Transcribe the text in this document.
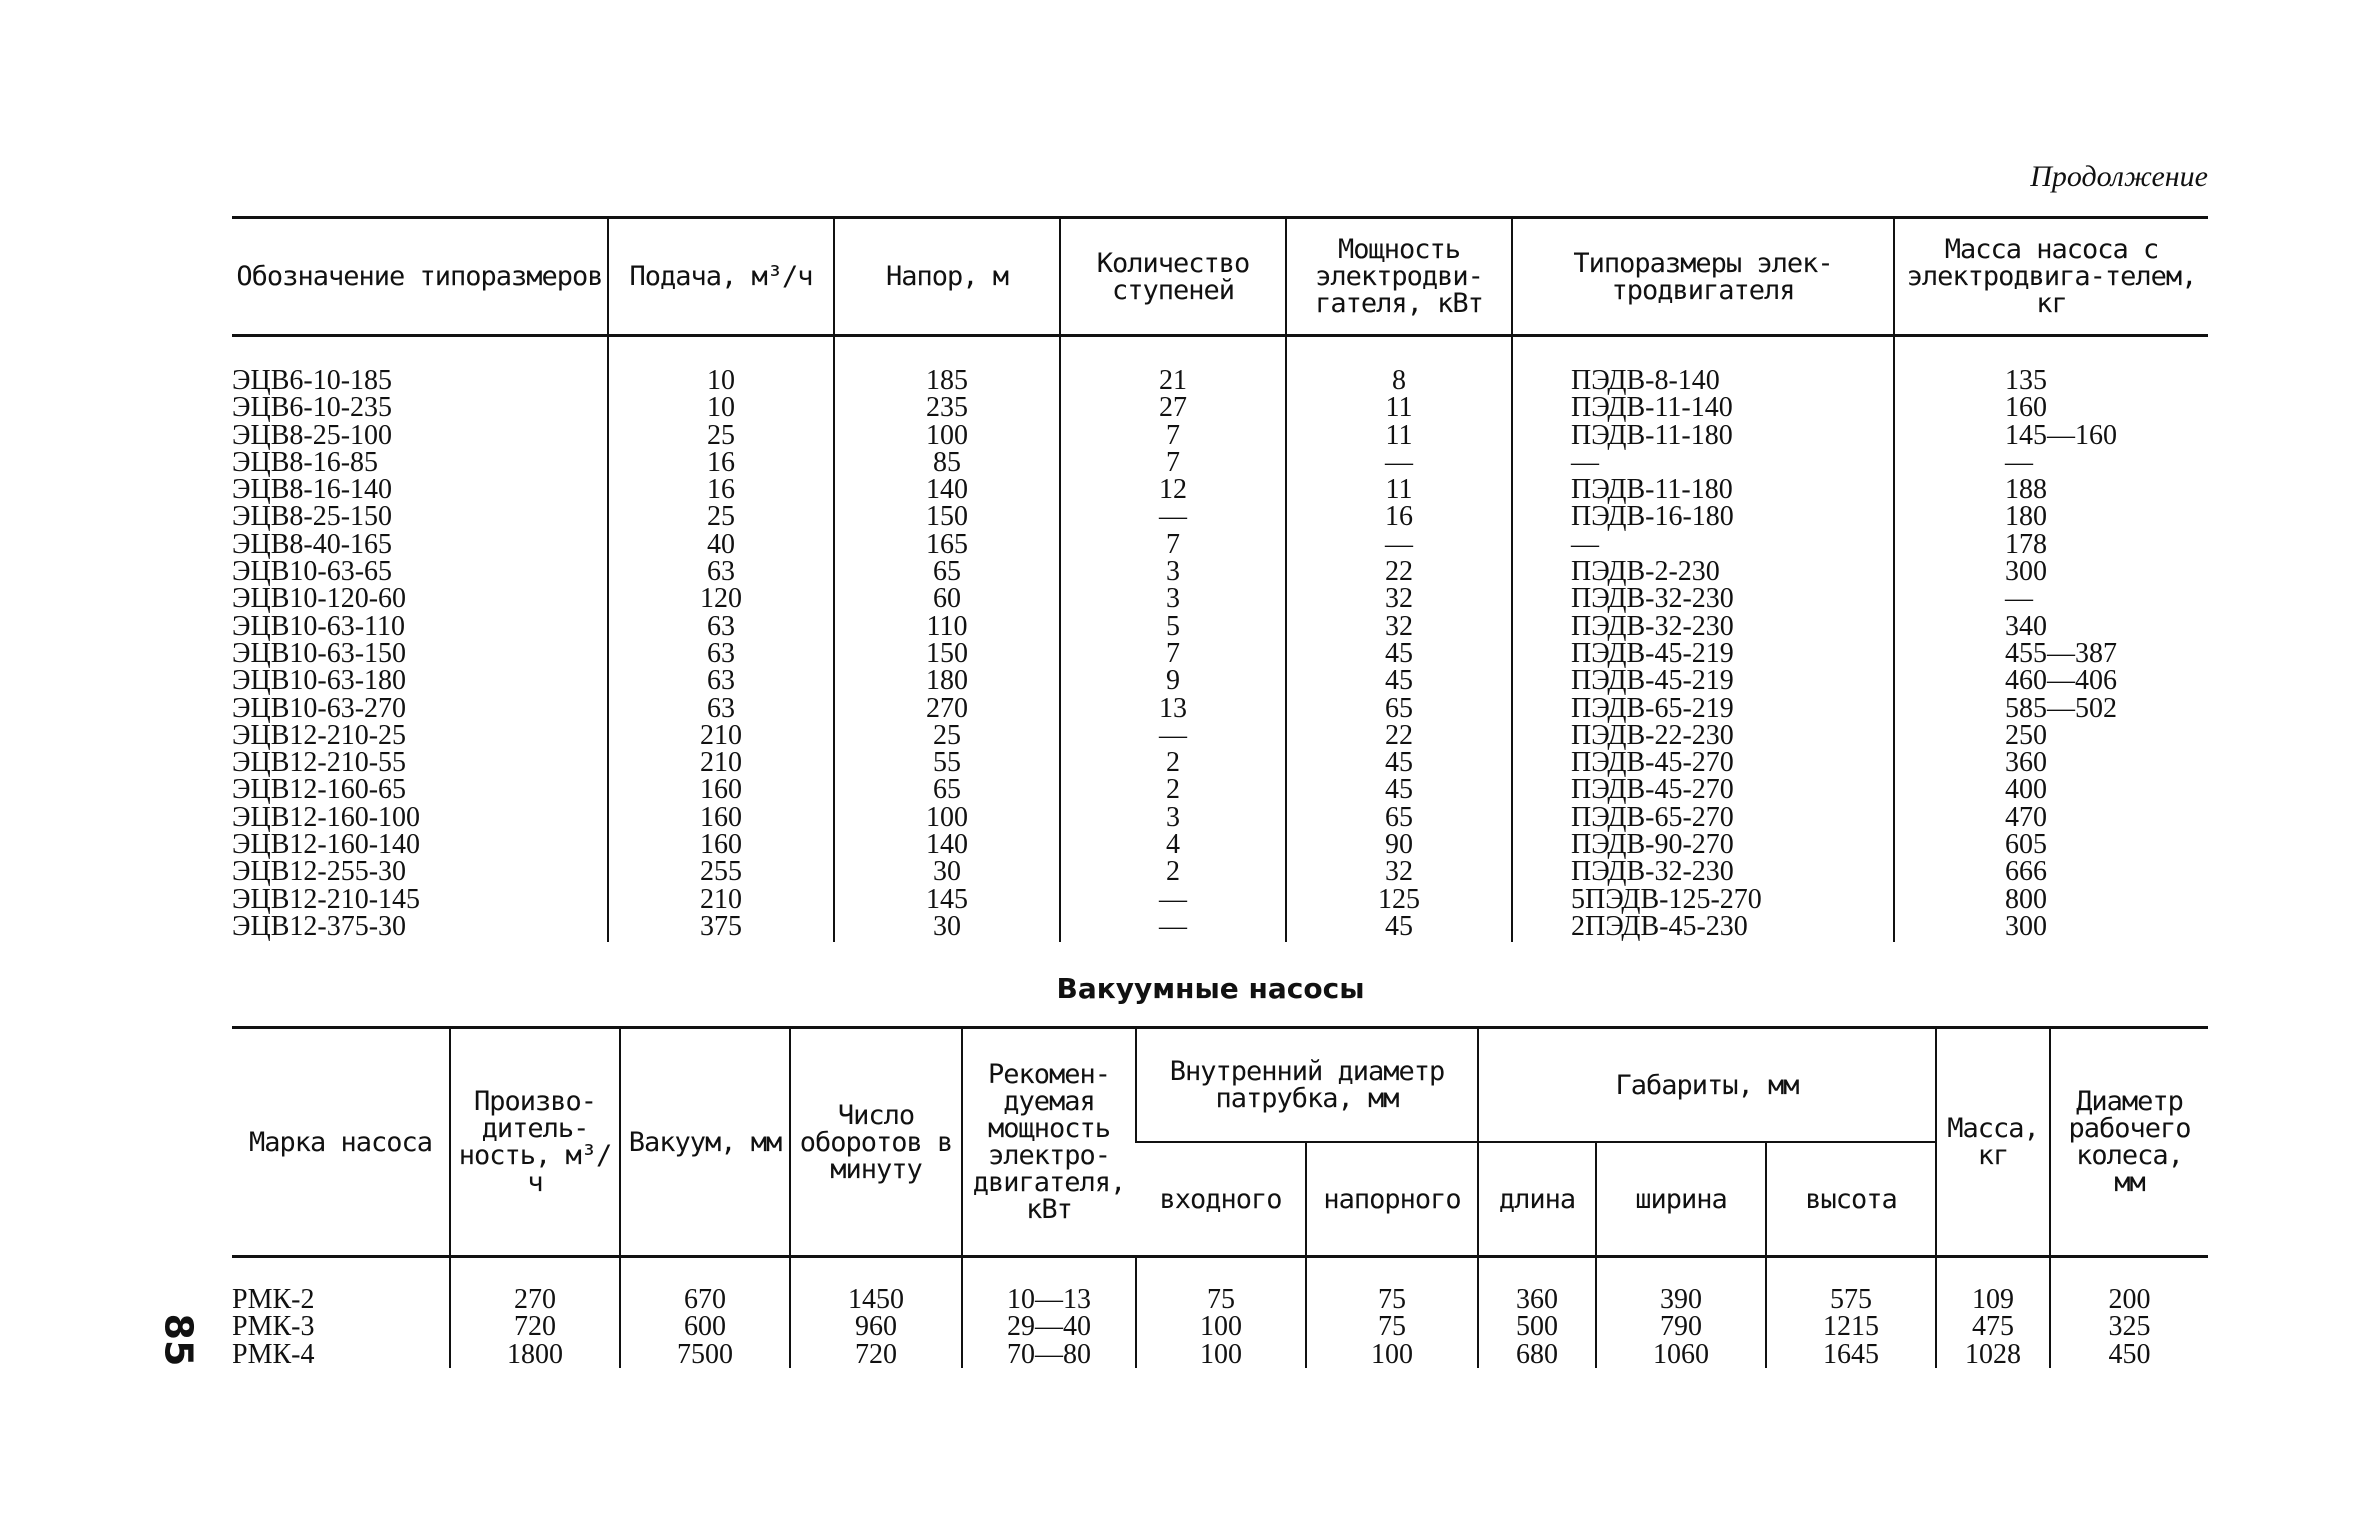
Продолжение
Обозначение типоразмеров	Подача, м³/ч	Напор, м	Количество ступеней	Мощность электродви-гателя, кВт	Типоразмеры элек-тродвигателя	Масса насоса с электродвига-телем, кг
ЭЦВ6-10-185	10	185	21	8	ПЭДВ-8-140	135
ЭЦВ6-10-235	10	235	27	11	ПЭДВ-11-140	160
ЭЦВ8-25-100	25	100	7	11	ПЭДВ-11-180	145—160
ЭЦВ8-16-85	16	85	7	—	—	—
ЭЦВ8-16-140	16	140	12	11	ПЭДВ-11-180	188
ЭЦВ8-25-150	25	150	—	16	ПЭДВ-16-180	180
ЭЦВ8-40-165	40	165	7	—	—	178
ЭЦВ10-63-65	63	65	3	22	ПЭДВ-2-230	300
ЭЦВ10-120-60	120	60	3	32	ПЭДВ-32-230	—
ЭЦВ10-63-110	63	110	5	32	ПЭДВ-32-230	340
ЭЦВ10-63-150	63	150	7	45	ПЭДВ-45-219	455—387
ЭЦВ10-63-180	63	180	9	45	ПЭДВ-45-219	460—406
ЭЦВ10-63-270	63	270	13	65	ПЭДВ-65-219	585—502
ЭЦВ12-210-25	210	25	—	22	ПЭДВ-22-230	250
ЭЦВ12-210-55	210	55	2	45	ПЭДВ-45-270	360
ЭЦВ12-160-65	160	65	2	45	ПЭДВ-45-270	400
ЭЦВ12-160-100	160	100	3	65	ПЭДВ-65-270	470
ЭЦВ12-160-140	160	140	4	90	ПЭДВ-90-270	605
ЭЦВ12-255-30	255	30	2	32	ПЭДВ-32-230	666
ЭЦВ12-210-145	210	145	—	125	5ПЭДВ-125-270	800
ЭЦВ12-375-30	375	30	—	45	2ПЭДВ-45-230	300
Вакуумные насосы
Марка насоса	Произво-дитель-ность, м³/ч	Вакуум, мм	Число оборотов в минуту	Рекомен-дуемая мощность электро-двигателя, кВт	Внутренний диаметр патрубка, мм		Габариты, мм			Масса, кг	Диаметр рабочего колеса, мм
					входного	напорного	длина	ширина	высота		
РМК-2	270	670	1450	10—13	75	75	360	390	575	109	200
РМК-3	720	600	960	29—40	100	75	500	790	1215	475	325
РМК-4	1800	7500	720	70—80	100	100	680	1060	1645	1028	450
85
